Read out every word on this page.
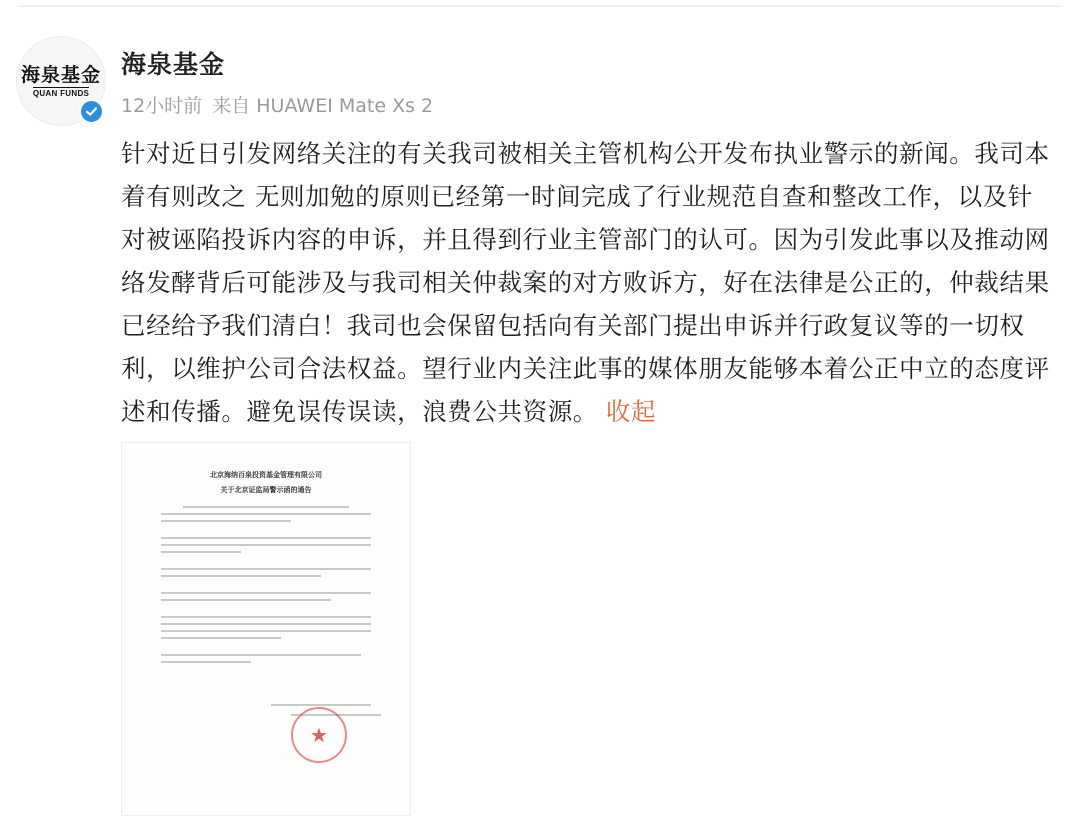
海泉基金
QUAN FUNDS
海泉基金
12小时前 来自 HUAWEI Mate Xs 2
针对近日引发网络关注的有关我司被相关主管机构公开发布执业警示的新闻。我司本着有则改之 无则加勉的原则已经第一时间完成了行业规范自查和整改工作，以及针对被诬陷投诉内容的申诉，并且得到行业主管部门的认可。因为引发此事以及推动网络发酵背后可能涉及与我司相关仲裁案的对方败诉方，好在法律是公正的，仲裁结果已经给予我们清白！我司也会保留包括向有关部门提出申诉并行政复议等的一切权利，以维护公司合法权益。望行业内关注此事的媒体朋友能够本着公正中立的态度评述和传播。避免误传误读，浪费公共资源。 收起
北京海纳百泉投资基金管理有限公司
关于北京证监局警示函的通告
★
